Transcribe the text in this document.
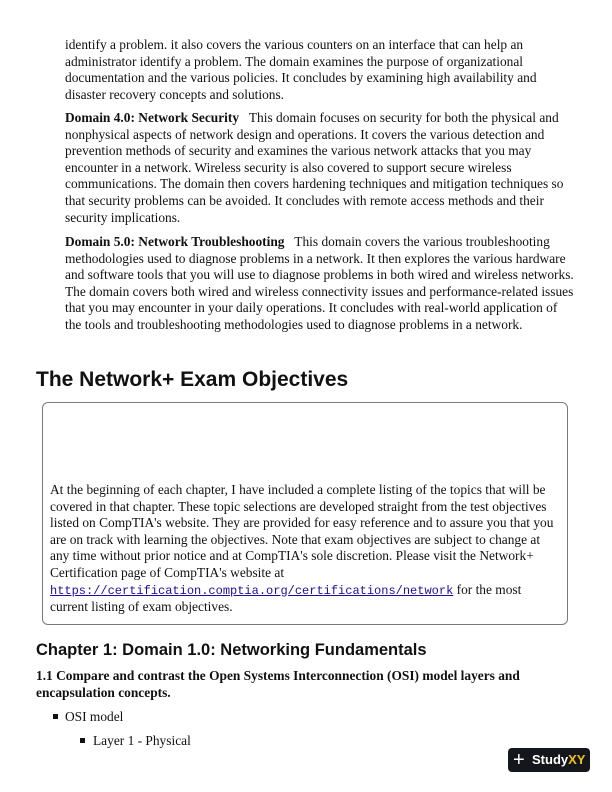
identify a problem. it also covers the various counters on an interface that can help an administrator identify a problem. The domain examines the purpose of organizational documentation and the various policies. It concludes by examining high availability and disaster recovery concepts and solutions.

Domain 4.0: Network Security This domain focuses on security for both the physical and nonphysical aspects of network design and operations. It covers the various detection and prevention methods of security and examines the various network attacks that you may encounter in a network. Wireless security is also covered to support secure wireless communications. The domain then covers hardening techniques and mitigation techniques so that security problems can be avoided. It concludes with remote access methods and their security implications.

Domain 5.0: Network Troubleshooting This domain covers the various troubleshooting methodologies used to diagnose problems in a network. It then explores the various hardware and software tools that you will use to diagnose problems in both wired and wireless networks. The domain covers both wired and wireless connectivity issues and performance-related issues that you may encounter in your daily operations. It concludes with real-world application of the tools and troubleshooting methodologies used to diagnose problems in a network.

The Network+ Exam Objectives

At the beginning of each chapter, I have included a complete listing of the topics that will be covered in that chapter. These topic selections are developed straight from the test objectives listed on CompTIA's website. They are provided for easy reference and to assure you that you are on track with learning the objectives. Note that exam objectives are subject to change at any time without prior notice and at CompTIA's sole discretion. Please visit the Network+ Certification page of CompTIA's website at https://certification.comptia.org/certifications/network for the most current listing of exam objectives.

Chapter 1: Domain 1.0: Networking Fundamentals
1.1 Compare and contrast the Open Systems Interconnection (OSI) model layers and encapsulation concepts.

OSI model

Layer 1 - Physical

+ StudyXY
